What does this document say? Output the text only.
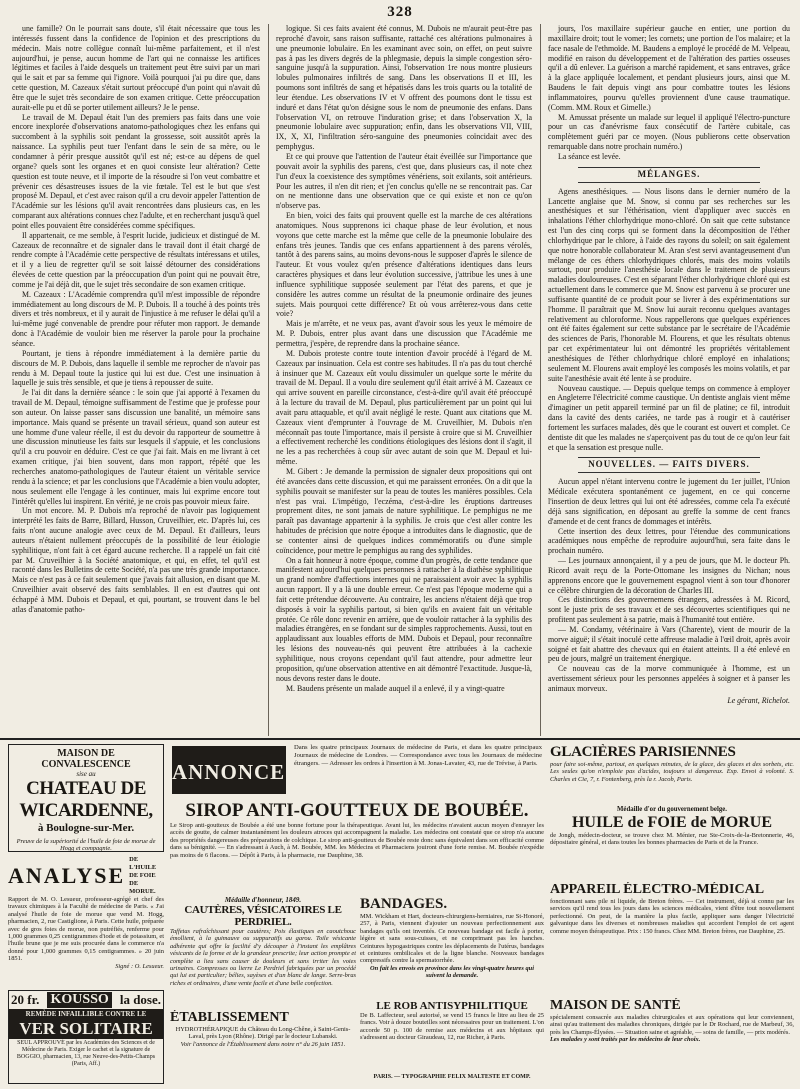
328

une famille? On le pourrait sans doute, s'il était nécessaire que tous les intéressés fussent dans la confidence de l'opinion et des prescriptions du médecin. Mais notre collègue connaît lui-même parfaitement, et il n'est aujourd'hui, je pense, aucun homme de l'art qui ne connaisse les artifices légitimes et faciles à l'aide desquels un traitement peut être suivi par un mari qui le sait et par sa femme qui l'ignore. Voilà pourquoi j'ai pu dire que, dans cette question, M. Cazeaux s'était surtout préoccupé d'un point qui n'avait dû être que le sujet très secondaire de son examen critique. Cette préoccupation aurait-elle pu et dû se porter utilement ailleurs? Je le pense.

Le travail de M. Depaul était l'un des premiers pas faits dans une voie encore inexplorée d'observations anatomo-pathologiques chez les enfans qui succombent à la syphilis soit pendant la grossesse, soit aussitôt après la naissance. La syphilis peut tuer l'enfant dans le sein de sa mère, ou le condamner à périr presque aussitôt qu'il est né; est-ce au dépens de quel organe? quels sont les organes et en quoi consiste leur altération? Cette question est toute neuve, et il importe de la résoudre si l'on veut combattre et prévenir ces désastreuses issues de la vie fœtale. Tel est le but que s'est proposé M. Depaul, et c'est avec raison qu'il a cru devoir appeler l'attention de l'Académie sur les lésions qu'il avait rencontrées dans plusieurs cas, en les comparant aux altérations connues chez l'adulte, et en recherchant jusqu'à quel point elles pouvaient être considérées comme spécifiques.

Il appartenait, ce me semble, à l'esprit lucide, judicieux et distingué de M. Cazeaux de reconnaître et de signaler dans le travail dont il était chargé de rendre compte à l'Académie cette perspective de résultats intéressans et utiles, et il y a lieu de regretter qu'il se soit laissé détourner des considérations élevées de cette question par la préoccupation d'un point qui ne pouvait être, comme je l'ai déjà dit, que le sujet très secondaire de son examen critique.

M. Cazeaux : L'Académie comprendra qu'il m'est impossible de répondre immédiatement au long discours de M. P. Dubois. Il a touché à des points très divers et très nombreux, et il y aurait de l'injustice à me refuser le délai qu'il a lui-même jugé convenable de prendre pour réfuter mon rapport. Je demande donc à l'Académie de vouloir bien me réserver la parole pour la prochaine séance.

Pourtant, je tiens à répondre immédiatement à la dernière partie du discours de M. P. Dubois, dans laquelle il semble me reprocher de n'avoir pas rendu à M. Depaul toute la justice qui lui est due. C'est une insinuation à laquelle je suis très sensible, et que je tiens à repousser de suite.

Je l'ai dit dans la dernière séance : le soin que j'ai apporté à l'examen du travail de M. Depaul, témoigne suffisamment de l'estime que je professe pour son auteur. On laisse passer sans discussion une banalité, un mémoire sans importance. Mais quand se présente un travail sérieux, quand son auteur est une homme d'une valeur réelle, il est du devoir du rapporteur de soumettre à une discussion minutieuse les faits sur lesquels il s'appuie, et les conclusions qu'il a cru pouvoir en déduire. C'est ce que j'ai fait. Mais en me livrant à cet examen critique, j'ai bien souvent, dans mon rapport, répété que les recherches anatomo-pathologiques de l'auteur étaient un véritable service rendu à la science; et par les conclusions que l'Académie a bien voulu adopter, nous seulement elle l'engage à les continuer, mais lui exprime encore tout l'intérêt qu'elles lui inspirent. En vérité, je ne crois pas pouvoir mieux faire.

Un mot encore. M. P. Dubois m'a reproché de n'avoir pas logiquement interprété les faits de Barre, Billard, Husson, Cruveilhier, etc. D'après lui, ces faits n'ont aucune analogie avec ceux de M. Depaul. Et d'ailleurs, leurs auteurs n'étaient nullement préoccupés de la possibilité de leur étiologie syphilitique, n'ont fait à cet égard aucune recherche. Il a rappelé un fait cité par M. Cruveilhier à la Société anatomique, et qui, en effet, tel qu'il est raconté dans les Bulletins de cette Société, n'a pas une très grande importance. Mais ce n'est pas à ce fait seulement que j'avais fait allusion, en disant que M. Cruveilhier avait observé des faits semblables. Il en est d'autres qui ont échappé à MM. Dubois et Depaul, et qui, pourtant, se trouvent dans le bel atlas d'anatomie patho-

logique. Si ces faits avaient été connus, M. Dubois ne m'aurait peut-être pas reproché d'avoir, sans raison suffisante, rattaché ces altérations pulmonaires à une pneumonie lobulaire. En les examinant avec soin, on effet, on peut suivre pas à pas les divers degrés de la phlegmasie, depuis la simple congestion séro-sanguine jusqu'à la suppuration. Ainsi, l'observation 1re nous montre plusieurs lobules pulmonaires infiltrés de sang. Dans les observations II et III, les poumons sont infiltrés de sang et hépatisés dans les trois quarts ou la totalité de leur étendue. Les observations IV et V offrent des poumons dont le tissu est induré et dans l'état qu'on désigne sous le nom de pneumonie des enfans. Dans l'observation VI, on retrouve l'induration grise; et dans l'observation X, la pneumonie lobulaire avec suppuration; enfin, dans les observations VII, VIII, IX, X, XI, l'infiltration séro-sanguine des pneumonies coïncidait avec des pemphygus.

Et ce qui prouve que l'attention de l'auteur était éveillée sur l'importance que pouvait avoir la syphilis des parens, c'est que, dans plusieurs cas, il note chez l'un d'eux la coexistence des symptômes vénériens, soit exilants, soit antérieurs. Pour les autres, il n'en dit rien; et j'en conclus qu'elle ne se rencontrait pas. Car on ne mentionne dans une observation que ce qui existe et non ce qu'on n'observe pas.

En bien, voici des faits qui prouvent quelle est la marche de ces altérations anatomiques. Nous supprenons ici chaque phase de leur évolution, et nous voyons que cette marche est la même que celle de la pneumonie lobulaire des enfans très jeunes. Tandis que ces enfans appartiennent à des parens vérolés, tantôt à des parens sains, au moins devons-nous le supposer d'après le silence de l'auteur. Et vous voulez qu'en présence d'altérations identiques dans leurs caractères physiques et dans leur évolution successive, j'attribue les unes à une influence syphilitique supposée seulement par l'état des parens, et que je considère les autres comme un résultat de la pneumonie ordinaire des jeunes sujets. Mais pourquoi cette différence? Et où vous arrêterez-vous dans cette voie?

Mais je m'arrête, et ne veux pas, avant d'avoir sous les yeux le mémoire de M. P. Dubois, entrer plus avant dans une discussion que l'Académie me permettra, j'espère, de reprendre dans la prochaine séance.

M. Dubois proteste contre toute intention d'avoir procédé à l'égard de M. Cazeaux par insinuation. Cela est contre ses habitudes. Il n'a pas du tout cherché à insinuer que M. Cazeaux eût voulu dissimuler un quelque sorte le mérite du travail de M. Depaul. Il a voulu dire seulement qu'il était arrivé à M. Cazeaux ce qui arrive souvent en pareille circonstance, c'est-à-dire qu'il avait été préoccupé à la lecture du travail de M. Depaul, plus particulièrement par un point qui lui avait paru attaquable, et qu'il avait négligé le reste. Quant aux citations que M. Cazeaux vient d'emprunter à l'ouvrage de M. Cruveilhier, M. Dubois n'en méconnaît pas toute l'importance, mais il persiste à croire que si M. Cruveilhier a effectivement recherché les conditions étiologiques des lésions dont il s'agit, il ne les a pas recherchées à coup sûr avec autant de soin que M. Depaul et lui-même.

M. Gibert : Je demande la permission de signaler deux propositions qui ont été avancées dans cette discussion, et qui me paraissent erronées. On a dit que la syphilis pouvait se manifester sur la peau de toutes les manières possibles. Cela n'est pas vrai. L'impétigo, l'eczéma, c'est-à-dire les éruptions dartreuses proprement dites, ne sont jamais de nature syphilitique. Le pemphigus ne me paraît pas davantage appartenir à la syphilis. Je crois que c'est aller contre les habitudes de précision que notre époque a introduites dans le diagnostic, que de se contenter ainsi de quelques indices commémoratifs ou d'une simple coïncidence, pour mettre le pemphigus au rang des syphilides.

On a fait honneur à notre époque, comme d'un progrès, de cette tendance que manifestent aujourd'hui quelques personnes à rattacher à la diathèse syphilitique un grand nombre d'affections internes qui ne paraissaient avoir avec la syphilis aucun rapport. Il y a là une double erreur. Ce n'est pas l'époque moderne qui a fait cette prétendue découverte. Au contraire, les anciens n'étaient déjà que trop disposés à voir la syphilis partout, si bien qu'ils en avaient fait un véritable protée. Ce rôle donc revenir en arrière, que de vouloir rattacher à la syphilis des maladies étrangères, en se fondant sur de simples rapprochements. Aussi, tout en applaudissant aux louables efforts de MM. Dubois et Depaul, pour reconnaître les lésions des nouveau-nés qui peuvent être attribuées à la cachexie syphilitique, nous croyons cependant qu'il faut attendre, pour admettre leur proposition, qu'une observation attentive en ait démontré l'exactitude. Jusque-là, nous devons rester dans le doute.

M. Baudens présente un malade auquel il a enlevé, il y a vingt-quatre

jours, l'os maxillaire supérieur gauche en entier, une portion du maxillaire droit; tout le vomer; les cornets; une portion de l'os malaire; et la face nasale de l'ethmoïde. M. Baudens a employé le procédé de M. Velpeau, modifié en raison du développement et de l'altération des parties osseuses qu'il a dû enlever. La guérison a marché rapidement, et sans entraves, grâce à la glace appliquée localement, et pendant plusieurs jours, ainsi que M. Baudens le fait depuis vingt ans pour combattre toutes les lésions inflammatoires, pourvu qu'elles proviennent d'une cause traumatique. (Comm. MM. Roux et Gimelle.)

M. Amussat présente un malade sur lequel il appliqué l'électro-puncture pour un cas d'anévrisme faux consécutif de l'artère cubitale, cas complètement guéri par ce moyen. (Nous publierons cette observation remarquable dans notre prochain numéro.)

La séance est levée.

MÉLANGES.

Agens anesthésiques. — Nous lisons dans le dernier numéro de la Lancette anglaise que M. Snow, si connu par ses recherches sur les anesthésiques et sur l'éthérisation, vient d'appliquer avec succès en inhalations l'éther chlorhydrique mono-chloré. On sait que cette substance est l'un des cinq corps qui se forment dans la décomposition de l'éther chlorhydrique par le chlore, à l'aide des rayons du soleil; on sait également que notre honorable collaborateur M. Aran s'est servi avantageusement d'un mélange de ces éthers chlorhydriques chlorés, mais des moins volatils surtout, pour produire l'anesthésie locale dans le traitement de plusieurs maladies douloureuses. C'est en séparant l'éther chlorhydrique chloré qui est actuellement dans le commerce que M. Snow est parvenu à se procurer une suffisante quantité de ce produit pour se livrer à des expérimentations sur l'homme. Il paraîtrait que M. Snow lui aurait reconnu quelques avantages relativement au chloroforme. Nous rappellerons que quelques expériences ont été faites également sur cette substance par le secrétaire de l'Académie des sciences de Paris, l'honorable M. Flourens, et que les résultats obtenus par cet expérimentateur lui ont démontré les propriétés véritablement anesthésiques de l'éther chlorhydrique chloré employé en inhalations; seulement M. Flourens avait employé les composés les moins volatils, et par suite l'anesthésie avait été lente à se produire.

Nouveau caustique. — Depuis quelque temps on commence à employer en Angleterre l'électricité comme caustique. Un dentiste anglais vient même d'imaginer un petit appareil terminé par un fil de platine; ce fil, introduit dans la cavité des dents cariées, ne tarde pas à rougir et à cautériser fortement les surfaces malades, dès que le courant est ouvert et complet. Ce dentiste dit que les malades ne s'aperçoivent pas du tout de ce qu'on leur fait et que la sensation est presque nulle.

NOUVELLES. — FAITS DIVERS.

Aucun appel n'étant intervenu contre le jugement du 1er juillet, l'Union Médicale exécutera spontanément ce jugement, en ce qui concerne l'insertion de deux lettres qui lui ont été adressées, comme cela l'a exécuté déjà sans signification, en déposant au greffe la somme de cent francs d'amende et de cent francs de dommages et intérêts.

Cette insertion des deux lettres, pour l'étendue des communications académiques nous empêche de reproduire aujourd'hui, sera faite dans le prochain numéro.

— Les journaux annonçaient, il y a peu de jours, que M. le docteur Ph. Ricord avait reçu de la Porte-Ottomane les insignes du Nichan; nous apprenons encore que le gouvernement espagnol vient à son tour d'honorer ce célèbre chirurgien de la décoration de Charles III.

Ces distinctions des gouvernemens étrangers, adressées à M. Ricord, sont le juste prix de ses travaux et de ses découvertes scientifiques qui ne profitent pas seulement à sa patrie, mais à l'humanité tout entière.

— M. Condamy, vétérinaire à Vars (Charente), vient de mourir de la morve aiguë; il s'était inoculé cette affreuse maladie à l'œil droit, après avoir soigné et fait abattre des chevaux qui en étaient atteints. Il a été enlevé en peu de jours, malgré un traitement énergique.

Ce nouveau cas de la morve communiquée à l'homme, est un avertissement sérieux pour les personnes appelées à soigner et à panser les animaux morveux.

Le gérant, Richelot.
MAISON DE CONVALESCENCE
sise au
CHATEAU DE WICARDENNE,
à Boulogne-sur-Mer.
Preuve de la supériorité de l'huile de foie de morue de Hogg et compagnie.
ANALYSE
DE L'HUILE DE FOIE DE MORUE.
Rapport de M. O. Lesueur, professeur-agrégé et chef des travaux chimiques à la Faculté de médecine de Paris. « J'ai analysé l'huile de foie de morue que vend M. Hogg, pharmacien, 2, rue Castiglione, à Paris. Cette huile, préparée avec de gros foies de morue, non putréfiés, renferme pour 1,000 grammes 0,25 centigrammes d'iode et de potassium, et l'huile brune que je me suis procurée dans le commerce n'a donné pour 1,000 grammes 0,15 centigrammes. » 20 juin 1851.
Signé : O. Lesueur.
20 fr. KOUSSO la dose.
REMÈDE INFAILLIBLE CONTRE LE
VER SOLITAIRE
SEUL APPROUVÉ par les Académies des Sciences et de Médecine de Paris. Exiger le cachet et la signature de BOGGIO, pharmacien, 13, rue Neuve-des-Petits-Champs (Paris, Aff.)
ANNONCES
Dans les quatre principaux Journaux de médecine de Paris, et dans les quatre principaux Journaux de médecine de Londres. — Correspondance avec tous les Journaux de médecine étrangers. — Adresser les ordres à l'insertion à M. Jonas-Lavater, 43, rue de Trévise, à Paris.
SIROP ANTI-GOUTTEUX DE BOUBÉE.
Le Sirop anti-goutteux de Boubée a été une bonne fortune pour la thérapeutique. Avant lui, les médecins n'avaient aucun moyen d'enrayer les accès de goutte, de calmer instantanément les douleurs atroces qui accompagnent la maladie. Les médecins ont constaté que ce sirop n'a aucune des propriétés dangereuses des préparations de colchique. Le sirop anti-goutteux de Boubée reste donc sans équivalent dans son efficacité comme dans sa bénignité. — En s'adressant à Auch, à M. Boubée, MM. les Médecins et Pharmaciens jouiront d'une forte remise. M. Boubée n'expédie pas moins de 6 flacons. — Dépôt à Paris, à la pharmacie, rue Dauphine, 38.
Médaille d'honneur, 1849.
CAUTÈRES, VÉSICATOIRES LE PERDRIEL.
Taffetas rafraîchissant pour cautères; Pois élastiques en caoutchouc émollient, à la guimauve ou suppuratifs au garou. Toile vésicante adhérente qui offre la facilité d'y découper à l'instant les emplâtres vésicants de la forme et de la grandeur prescrite; leur action prompte et complète a lieu sans causer de douleurs et sans irriter les voies urinaires. Compresses ou lierre Le Perdriel fabriquées par un procédé qui lui est particulier; bélies, sayèses et d'un blanc de lange. Serre-bras riches et ordinaires, d'une vente facile et d'une belle confection.
BANDAGES.
MM. Wickham et Hart, docteurs-chirurgiens-herniaires, rue St-Honoré, 257, à Paris, viennent d'ajouter un nouveau perfectionnement aux bandages qu'ils ont inventés. Ce nouveau bandage est facile à porter, légère et sans sous-cuisses, et ne comprimant pas les hanches. Ceintures hypogastriques contre les déplacements de l'utérus, bandages et ceintures ombilicales et de la ligne blanche. Nouveaux bandages compressifs contre la spermatorrhée.
On fait les envois en province dans les vingt-quatre heures qui suivent la demande.
ÉTABLISSEMENT
HYDROTHÉRAPIQUE du Château du Long-Chêne, à Saint-Genis-Laval, près Lyon (Rhône). Dirigé par le docteur Lubanski.
Voir l'annonce de l'Établissement dans notre n° du 26 juin 1851.
LE ROB ANTISYPHILITIQUE
De B. Laffecteur, seul autorisé, se vend 15 francs le litre au lieu de 25 francs. Voir à douze bouteilles sont nécessaires pour un traitement. L'on accorde 50 p. 100 de remise aux médecins et aux hôpitaux qui s'adressent au docteur Giraudeau, 12, rue Richer, à Paris.
PARIS. — TYPOGRAPHIE FÉLIX MALTESTE ET COMP.
GLACIÈRES PARISIENNES
pour faire soi-même, partout, en quelques minutes, de la glace, des glaces et des sorbets, etc. Les seules qu'on n'emploie pas d'acides, toujours si dangereux. Exp. Envoi à volonté. S. Charles et Cie, 7, r. Fontenberg, près la r. Jacob, Paris.
Médaille d'or du gouvernement belge.
HUILE de FOIE de MORUE
de Jongh, médecin-docteur, se trouve chez M. Ménier, rue Ste-Croix-de-la-Bretonnerie, 46, dépositaire général, et dans toutes les bonnes pharmacies de Paris et de la France.
APPAREIL ÉLECTRO-MÉDICAL
fonctionnant sans pile ni liquide, de Breton frères. — Cet instrument, déjà si connu par les services qu'il rend tous les jours dans les sciences médicales, vient d'être tout nouvellement perfectionné. On peut, de la manière la plus facile, appliquer sans danger l'électricité galvanique dans les diverses et nombreuses maladies qui accordent l'emploi de cet agent comme moyen thérapeutique. Prix : 150 francs. Chez MM. Breton frères, rue Dauphine, 25.
MAISON DE SANTÉ
spécialement consacrée aux maladies chirurgicales et aux opérations qui leur conviennent, ainsi qu'au traitement des maladies chroniques, dirigée par le Dr Rochard, rue de Marbeuf, 36, près les Champs-Élysées. — Situation saine et agréable, — soins de famille, — prix modérés.
Les malades y sont traités par les médecins de leur choix.
